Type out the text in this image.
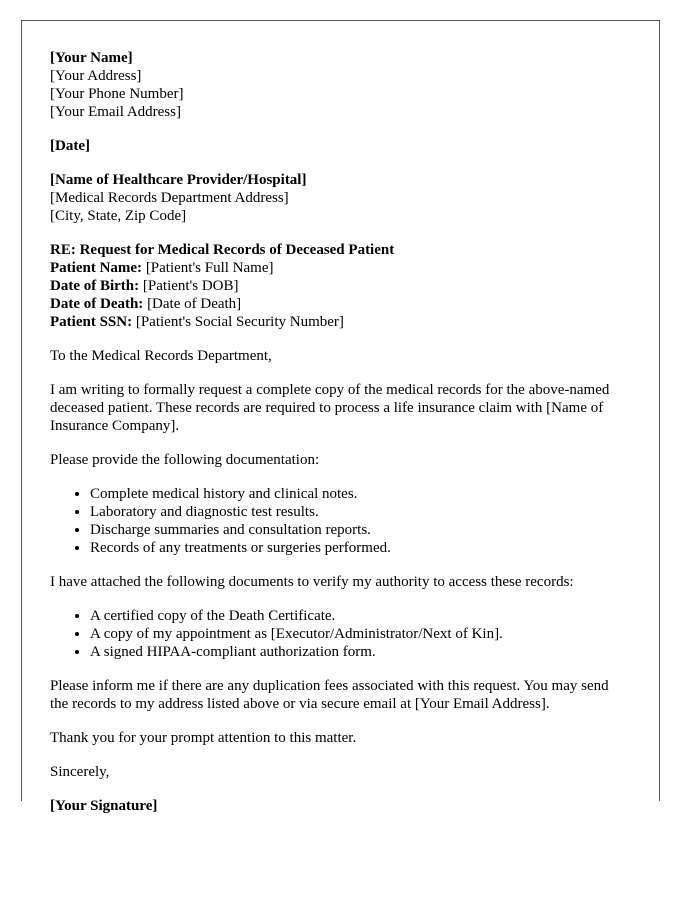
[Your Name]
[Your Address]
[Your Phone Number]
[Your Email Address]
[Date]
[Name of Healthcare Provider/Hospital]
[Medical Records Department Address]
[City, State, Zip Code]
RE: Request for Medical Records of Deceased Patient
Patient Name: [Patient's Full Name]
Date of Birth: [Patient's DOB]
Date of Death: [Date of Death]
Patient SSN: [Patient's Social Security Number]

To the Medical Records Department,

I am writing to formally request a complete copy of the medical records for the above-named deceased patient. These records are required to process a life insurance claim with [Name of Insurance Company].

Please provide the following documentation:

• Complete medical history and clinical notes.
• Laboratory and diagnostic test results.
• Discharge summaries and consultation reports.
• Records of any treatments or surgeries performed.

I have attached the following documents to verify my authority to access these records:

• A certified copy of the Death Certificate.
• A copy of my appointment as [Executor/Administrator/Next of Kin].
• A signed HIPAA-compliant authorization form.

Please inform me if there are any duplication fees associated with this request. You may send the records to my address listed above or via secure email at [Your Email Address].

Thank you for your prompt attention to this matter.

Sincerely,

[Your Signature]
